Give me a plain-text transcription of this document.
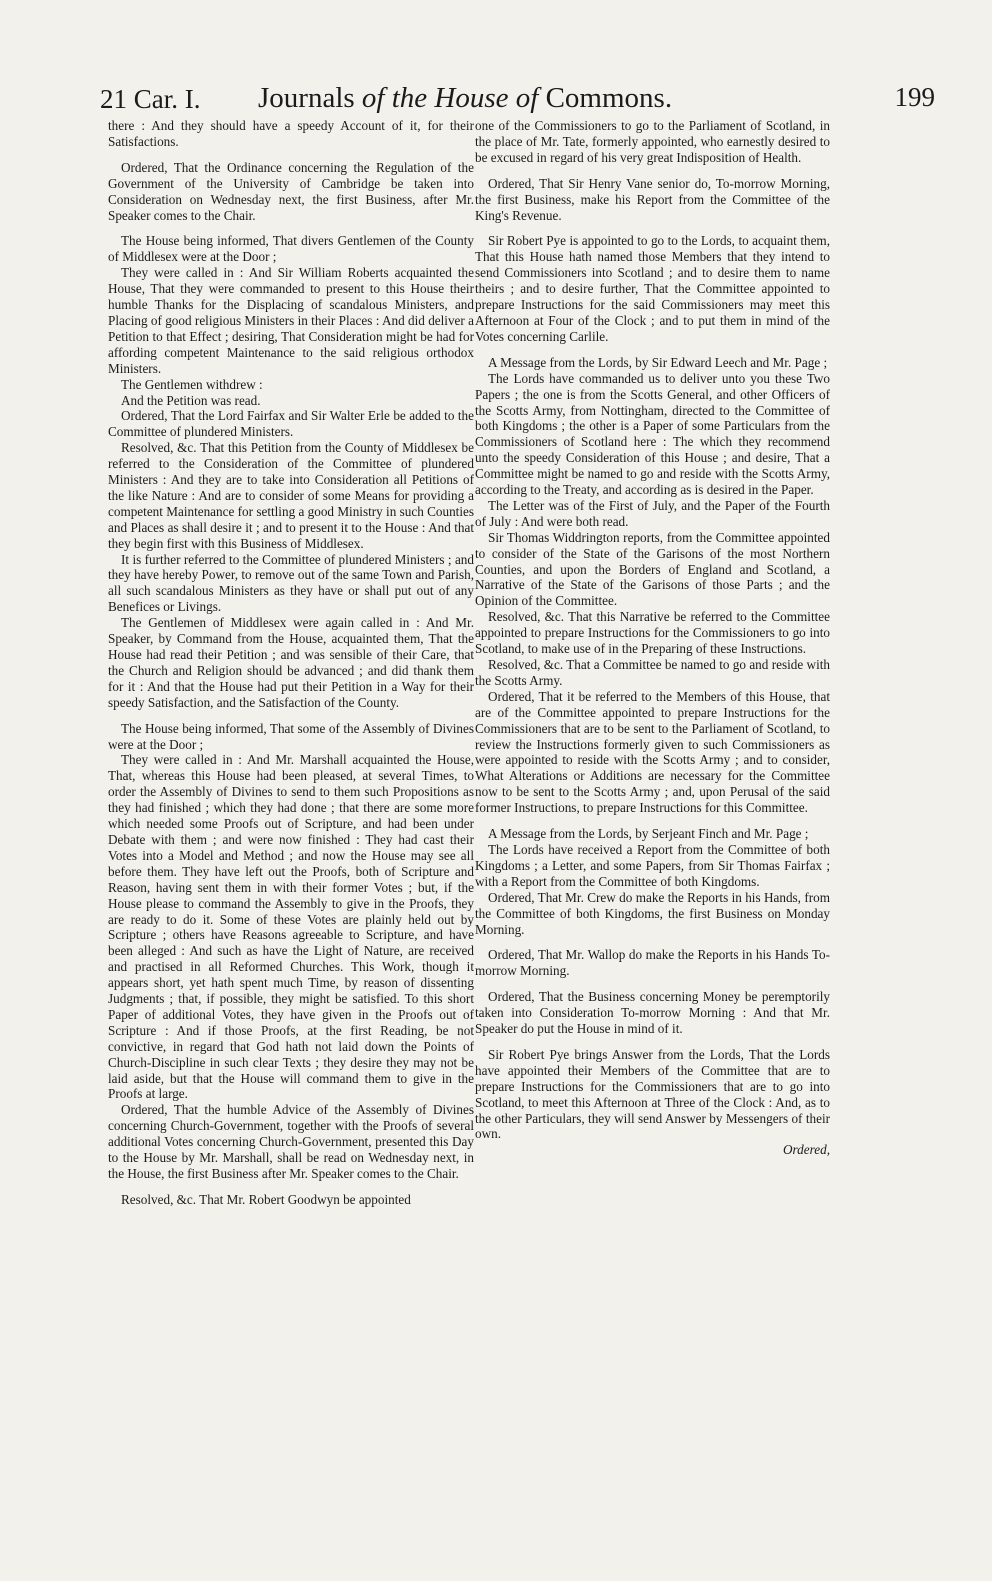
21 Car. I. Journals of the House of Commons.	199

there : And they should have a speedy Account of it, for their Satisfactions.

Ordered, That the Ordinance concerning the Regulation of the Government of the University of Cambridge be taken into Consideration on Wednesday next, the first Business, after Mr. Speaker comes to the Chair.

The House being informed, That divers Gentlemen of the County of Middlesex were at the Door ;

They were called in : And Sir William Roberts acquainted the House, That they were commanded to present to this House their humble Thanks for the Displacing of scandalous Ministers, and Placing of good religious Ministers in their Places : And did deliver a Petition to that Effect ; desiring, That Consideration might be had for affording competent Maintenance to the said religious orthodox Ministers.

The Gentlemen withdrew :

And the Petition was read.

Ordered, That the Lord Fairfax and Sir Walter Erle be added to the Committee of plundered Ministers.

Resolved, &c. That this Petition from the County of Middlesex be referred to the Consideration of the Committee of plundered Ministers : And they are to take into Consideration all Petitions of the like Nature : And are to consider of some Means for providing a competent Maintenance for settling a good Ministry in such Counties and Places as shall desire it ; and to present it to the House : And that they begin first with this Business of Middlesex.

It is further referred to the Committee of plundered Ministers ; and they have hereby Power, to remove out of the same Town and Parish, all such scandalous Ministers as they have or shall put out of any Benefices or Livings.

The Gentlemen of Middlesex were again called in : And Mr. Speaker, by Command from the House, acquainted them, That the House had read their Petition ; and was sensible of their Care, that the Church and Religion should be advanced ; and did thank them for it : And that the House had put their Petition in a Way for their speedy Satisfaction, and the Satisfaction of the County.

The House being informed, That some of the Assembly of Divines were at the Door ;

They were called in : And Mr. Marshall acquainted the House, That, whereas this House had been pleased, at several Times, to order the Assembly of Divines to send to them such Propositions as they had finished ; which they had done ; that there are some more which needed some Proofs out of Scripture, and had been under Debate with them ; and were now finished : They had cast their Votes into a Model and Method ; and now the House may see all before them. They have left out the Proofs, both of Scripture and Reason, having sent them in with their former Votes ; but, if the House please to command the Assembly to give in the Proofs, they are ready to do it. Some of these Votes are plainly held out by Scripture ; others have Reasons agreeable to Scripture, and have been alleged : And such as have the Light of Nature, are received and practised in all Reformed Churches. This Work, though it appears short, yet hath spent much Time, by reason of dissenting Judgments ; that, if possible, they might be satisfied. To this short Paper of additional Votes, they have given in the Proofs out of Scripture : And if those Proofs, at the first Reading, be not convictive, in regard that God hath not laid down the Points of Church-Discipline in such clear Texts ; they desire they may not be laid aside, but that the House will command them to give in the Proofs at large.

Ordered, That the humble Advice of the Assembly of Divines concerning Church-Government, together with the Proofs of several additional Votes concerning Church-Government, presented this Day to the House by Mr. Marshall, shall be read on Wednesday next, in the House, the first Business after Mr. Speaker comes to the Chair.

Resolved, &c. That Mr. Robert Goodwyn be appointed

one of the Commissioners to go to the Parliament of Scotland, in the place of Mr. Tate, formerly appointed, who earnestly desired to be excused in regard of his very great Indisposition of Health.

Ordered, That Sir Henry Vane senior do, To-morrow Morning, the first Business, make his Report from the Committee of the King's Revenue.

Sir Robert Pye is appointed to go to the Lords, to acquaint them, That this House hath named those Members that they intend to send Commissioners into Scotland ; and to desire them to name theirs ; and to desire further, That the Committee appointed to prepare Instructions for the said Commissioners may meet this Afternoon at Four of the Clock ; and to put them in mind of the Votes concerning Carlile.

A Message from the Lords, by Sir Edward Leech and Mr. Page ;

The Lords have commanded us to deliver unto you these Two Papers ; the one is from the Scotts General, and other Officers of the Scotts Army, from Nottingham, directed to the Committee of both Kingdoms ; the other is a Paper of some Particulars from the Commissioners of Scotland here : The which they recommend unto the speedy Consideration of this House ; and desire, That a Committee might be named to go and reside with the Scotts Army, according to the Treaty, and according as is desired in the Paper.

The Letter was of the First of July, and the Paper of the Fourth of July : And were both read.

Sir Thomas Widdrington reports, from the Committee appointed to consider of the State of the Garisons of the most Northern Counties, and upon the Borders of England and Scotland, a Narrative of the State of the Garisons of those Parts ; and the Opinion of the Committee.

Resolved, &c. That this Narrative be referred to the Committee appointed to prepare Instructions for the Commissioners to go into Scotland, to make use of in the Preparing of these Instructions.

Resolved, &c. That a Committee be named to go and reside with the Scotts Army.

Ordered, That it be referred to the Members of this House, that are of the Committee appointed to prepare Instructions for the Commissioners that are to be sent to the Parliament of Scotland, to review the Instructions formerly given to such Commissioners as were appointed to reside with the Scotts Army ; and to consider, What Alterations or Additions are necessary for the Committee now to be sent to the Scotts Army ; and, upon Perusal of the said former Instructions, to prepare Instructions for this Committee.

A Message from the Lords, by Serjeant Finch and Mr. Page ;

The Lords have received a Report from the Committee of both Kingdoms ; a Letter, and some Papers, from Sir Thomas Fairfax ; with a Report from the Committee of both Kingdoms.

Ordered, That Mr. Crew do make the Reports in his Hands, from the Committee of both Kingdoms, the first Business on Monday Morning.

Ordered, That Mr. Wallop do make the Reports in his Hands To-morrow Morning.

Ordered, That the Business concerning Money be peremptorily taken into Consideration To-morrow Morning : And that Mr. Speaker do put the House in mind of it.

Sir Robert Pye brings Answer from the Lords, That the Lords have appointed their Members of the Committee that are to prepare Instructions for the Commissioners that are to go into Scotland, to meet this Afternoon at Three of the Clock : And, as to the other Particulars, they will send Answer by Messengers of their own.

Ordered,
